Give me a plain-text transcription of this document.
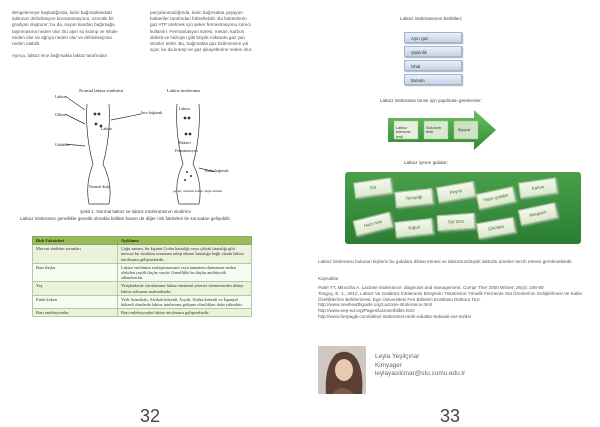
dengelemeye başladığında, kalın bağırsaklardaki
laktozun dehidrasyon konsantrasyonu, ozmotik bir
gradyan oluşturur; bu da, suyun kandan bağırsağa
taşınmasına neden olur. Bu aşırı su kramp ve ishale
neden olur ve ağrıya neden olur ve dehidrasyona
neden olabilir.
Ayrıca, laktoz ince bağırsakta laktaz tarafından
parçalanmadığında, kalın bağırsakta yaşayan
bakteriler tarafından fükseltebilir. Bu bakterilerin
gaz ATP üretmek için şeker fermentasyonu süreci
kullanılır. Fermantasyon süresi, metan, karbon
dioksit ve hidrojen gibi büyük miktarda gaz yan
ürünler üretir. Bu, bağırsakta gaz birikmesine yol
açar, bu da kramp ve gaz şikayetlerine neden olur.
Normal laktoz sindirimi	Laktoz intoleransı
Laktoz
Glikoz
Galaktoz
Laktaz
İnce bağırsak
Normal dışkı
Laktoz
Bakteri
Fermantasyon
gazlar, ozmotik asitler, diğer ürünler
Kalın bağırsak
Şekil 1: Normal laktoz ve laktoz intoleransının sindirimi
Laktoz intoleransı genellikle genetik olmakla birlikte bazen de diğer risk faktörleri ile sonradan gelişebilir.
Risk Faktörleri	Açıklama
Mevcut sindirim sorunları	Çoğu zaman, bir kişinin Crohn hastalığı veya çölyak hastalığı gibi mevcut bir sindirim sorununa sahip olması hastalığa bağlı olarak laktoz intoleransı gelişmektedir.
Bazı ilaçlar	Laktoz emilimini zorlaştırmasının veya tamamen durmasına neden olabilen çeşitli ilaçlar vardır. Genellikle bu ilaçlar antibiyotik adlandırırlar.
Yaş	Yetişkinlerde vücutlarının laktaz enzimini yetersiz üretmesinden dolayı laktoz toleransı azalmaktadır.
Etnik köken	Yerli Amerikalı, Afrikalı kökenli, Asyalı, Afrika kökenli ve İspanyol kökenli olanlarda laktoz intoleransı gelişme olasılıkları daha yüksektir.
Bazı enfeksiyonlar	Bazı enfeksiyonlar laktoz intoleransı gelişmektedir.
32
Laktoz intoleransının belirtileri;
Aşırı gaz
Şişkinlik
İshal
Bulantı
Laktoz intoleransı tanısı için yapılması gerekenler;
Laktoz toleransı testi
Solunum testi
Biyopsi
Laktoz içeren gıdalar;
Süt
Tereyağı
Peynir
Hazır gıdalar
Kahve
Hazır kek	Yoğurt
Süt tozu
Çikolata
Margarin
Laktoz intoleransı bulunan kişilerin bu gıdalara dikkat etmesi ve laktozsuz/düşük laktozlu ürünleri tercih etmesi gerekmektedir.
Kaynaklar
Patel YT, Minocha A. Lactose intolerance: diagnosis and management. Compr Ther 2000 Winter; 26(4): 246-50
Tonguç, E. 1., 2012, Laktoz Ve Galaktoz İntoleransı Bireylerin Tüketimine Yönelik Fermente Süt Ürünlerinin Geliştirilmesi Ve Kalite Özelliklerinin Belirlenmesi, Ege Üniversitesi Fen Bilimleri Enstitüsü Doktora Tezi.
http://www.newhealthguide.org/Lactose-Intolerance.html
http://www.eep-ed.org/Pages/lactose/bilbis.html
http://www.herpagik.com/laktoz-intoleransi-nedir-ediatlar-tedavisi-var-mi/de/
Leyla Yeşilçınar
Kimyager
leylayasilcinar@stu.comu.edu.tr
33
